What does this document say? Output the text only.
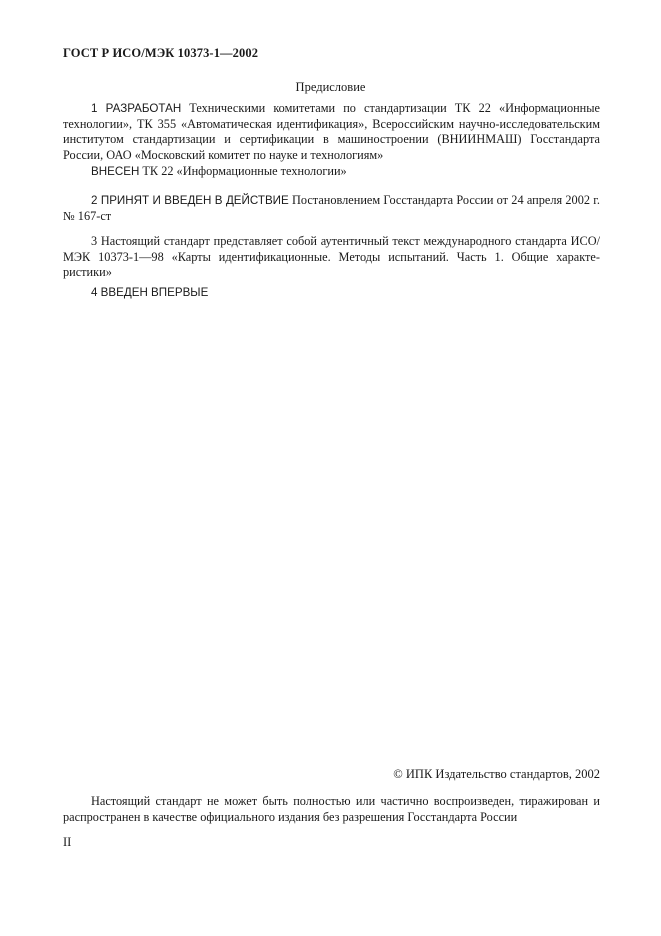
ГОСТ Р ИСО/МЭК 10373-1—2002
Предисловие

1 РАЗРАБОТАН Техническими комитетами по стандартизации ТК 22 «Информационные технологии», ТК 355 «Автоматическая идентификация», Всероссийским научно-исследовательским институтом стандартизации и сертификации в машиностроении (ВНИИНМАШ) Госстандарта России, ОАО «Московский комитет по науке и технологиям»

ВНЕСЕН ТК 22 «Информационные технологии»

2 ПРИНЯТ И ВВЕДЕН В ДЕЙСТВИЕ Постановлением Госстандарта России от 24 апреля 2002 г. № 167-ст

3 Настоящий стандарт представляет собой аутентичный текст международного стандарта ИСО/МЭК 10373-1—98 «Карты идентификационные. Методы испытаний. Часть 1. Общие характеристики»

4 ВВЕДЕН ВПЕРВЫЕ

© ИПК Издательство стандартов, 2002

Настоящий стандарт не может быть полностью или частично воспроизведен, тиражирован и распространен в качестве официального издания без разрешения Госстандарта России

II
